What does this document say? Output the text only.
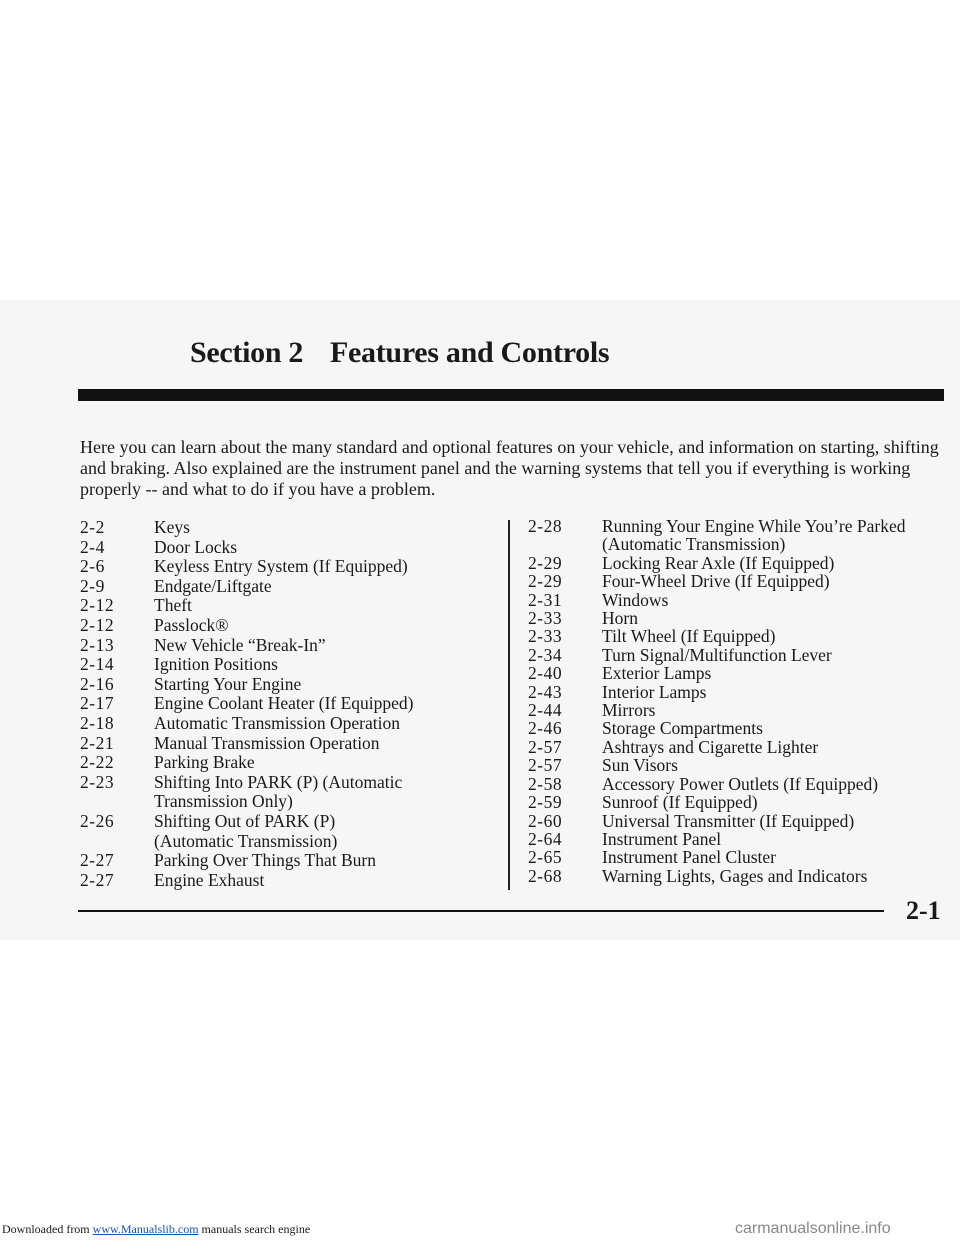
Section 2 Features and Controls
Here you can learn about the many standard and optional features on your vehicle, and information on starting, shifting and braking. Also explained are the instrument panel and the warning systems that tell you if everything is working properly -- and what to do if you have a problem.
2-2	Keys
2-4	Door Locks
2-6	Keyless Entry System (If Equipped)
2-9	Endgate/Liftgate
2-12	Theft
2-12	Passlock®
2-13	New Vehicle “Break-In”
2-14	Ignition Positions
2-16	Starting Your Engine
2-17	Engine Coolant Heater (If Equipped)
2-18	Automatic Transmission Operation
2-21	Manual Transmission Operation
2-22	Parking Brake
2-23	Shifting Into PARK (P) (Automatic
Transmission Only)
2-26	Shifting Out of PARK (P)
(Automatic Transmission)
2-27	Parking Over Things That Burn
2-27	Engine Exhaust
2-28	Running Your Engine While You’re Parked
(Automatic Transmission)
2-29	Locking Rear Axle (If Equipped)
2-29	Four-Wheel Drive (If Equipped)
2-31	Windows
2-33	Horn
2-33	Tilt Wheel (If Equipped)
2-34	Turn Signal/Multifunction Lever
2-40	Exterior Lamps
2-43	Interior Lamps
2-44	Mirrors
2-46	Storage Compartments
2-57	Ashtrays and Cigarette Lighter
2-57	Sun Visors
2-58	Accessory Power Outlets (If Equipped)
2-59	Sunroof (If Equipped)
2-60	Universal Transmitter (If Equipped)
2-64	Instrument Panel
2-65	Instrument Panel Cluster
2-68	Warning Lights, Gages and Indicators
2-1
Downloaded from www.Manualslib.com manuals search engine	carmanualsonline.info
